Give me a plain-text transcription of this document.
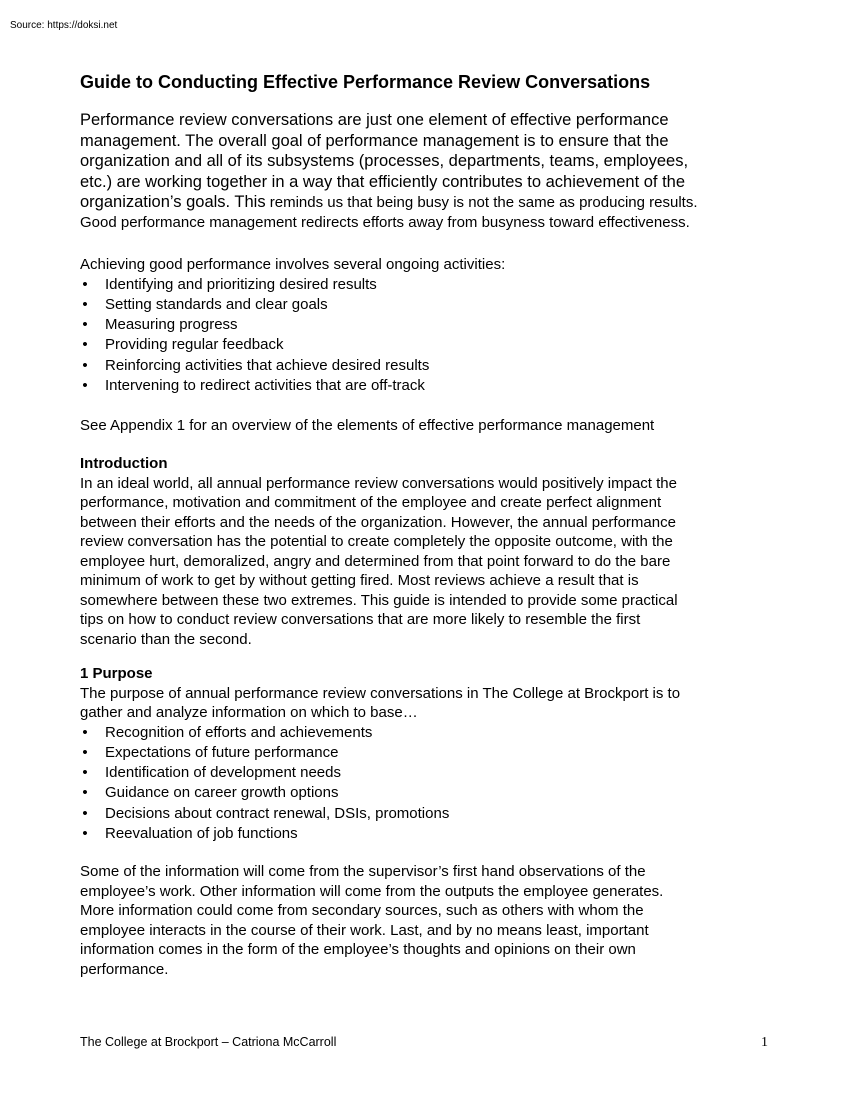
Source: https://doksi.net
Guide to Conducting Effective Performance Review Conversations
Performance review conversations are just one element of effective performance
management. The overall goal of performance management is to ensure that the
organization and all of its subsystems (processes, departments, teams, employees,
etc.) are working together in a way that efficiently contributes to achievement of the
organization’s goals. This reminds us that being busy is not the same as producing results.
Good performance management redirects efforts away from busyness toward effectiveness.
Achieving good performance involves several ongoing activities:
• Identifying and prioritizing desired results
• Setting standards and clear goals
• Measuring progress
• Providing regular feedback
• Reinforcing activities that achieve desired results
• Intervening to redirect activities that are off-track
See Appendix 1 for an overview of the elements of effective performance management
Introduction
In an ideal world, all annual performance review conversations would positively impact the
performance, motivation and commitment of the employee and create perfect alignment
between their efforts and the needs of the organization. However, the annual performance
review conversation has the potential to create completely the opposite outcome, with the
employee hurt, demoralized, angry and determined from that point forward to do the bare
minimum of work to get by without getting fired. Most reviews achieve a result that is
somewhere between these two extremes. This guide is intended to provide some practical
tips on how to conduct review conversations that are more likely to resemble the first
scenario than the second.
1 Purpose
The purpose of annual performance review conversations in The College at Brockport is to
gather and analyze information on which to base…
• Recognition of efforts and achievements
• Expectations of future performance
• Identification of development needs
• Guidance on career growth options
• Decisions about contract renewal, DSIs, promotions
• Reevaluation of job functions
Some of the information will come from the supervisor’s first hand observations of the
employee’s work. Other information will come from the outputs the employee generates.
More information could come from secondary sources, such as others with whom the
employee interacts in the course of their work. Last, and by no means least, important
information comes in the form of the employee’s thoughts and opinions on their own
performance.
The College at Brockport – Catriona McCarroll	1
